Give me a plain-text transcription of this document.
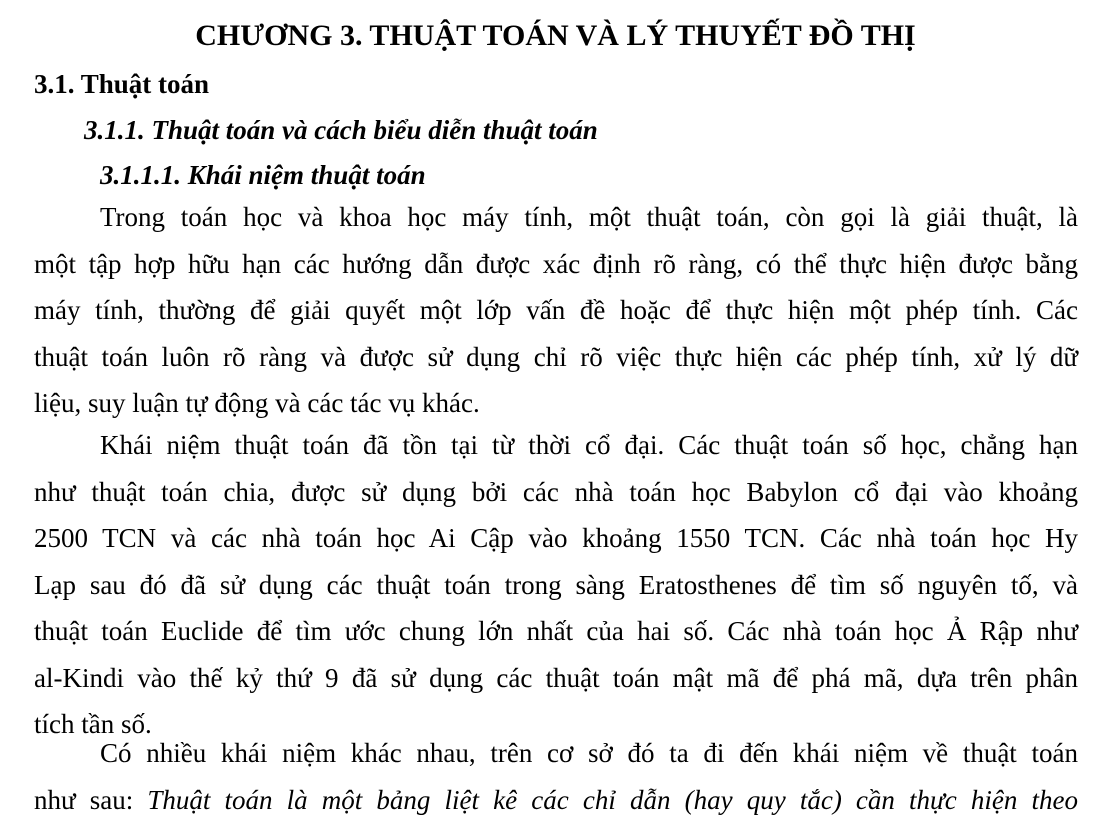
CHƯƠNG 3. THUẬT TOÁN VÀ LÝ THUYẾT ĐỒ THỊ
3.1. Thuật toán
3.1.1. Thuật toán và cách biểu diễn thuật toán
3.1.1.1. Khái niệm thuật toán

Trong toán học và khoa học máy tính, một thuật toán, còn gọi là giải thuật, là
một tập hợp hữu hạn các hướng dẫn được xác định rõ ràng, có thể thực hiện được bằng
máy tính, thường để giải quyết một lớp vấn đề hoặc để thực hiện một phép tính. Các
thuật toán luôn rõ ràng và được sử dụng chỉ rõ việc thực hiện các phép tính, xử lý dữ
liệu, suy luận tự động và các tác vụ khác.

Khái niệm thuật toán đã tồn tại từ thời cổ đại. Các thuật toán số học, chẳng hạn
như thuật toán chia, được sử dụng bởi các nhà toán học Babylon cổ đại vào khoảng
2500 TCN và các nhà toán học Ai Cập vào khoảng 1550 TCN. Các nhà toán học Hy
Lạp sau đó đã sử dụng các thuật toán trong sàng Eratosthenes để tìm số nguyên tố, và
thuật toán Euclide để tìm ước chung lớn nhất của hai số. Các nhà toán học Ả Rập như
al-Kindi vào thế kỷ thứ 9 đã sử dụng các thuật toán mật mã để phá mã, dựa trên phân
tích tần số.

Có nhiều khái niệm khác nhau, trên cơ sở đó ta đi đến khái niệm về thuật toán
như sau: Thuật toán là một bảng liệt kê các chỉ dẫn (hay quy tắc) cần thực hiện theo
